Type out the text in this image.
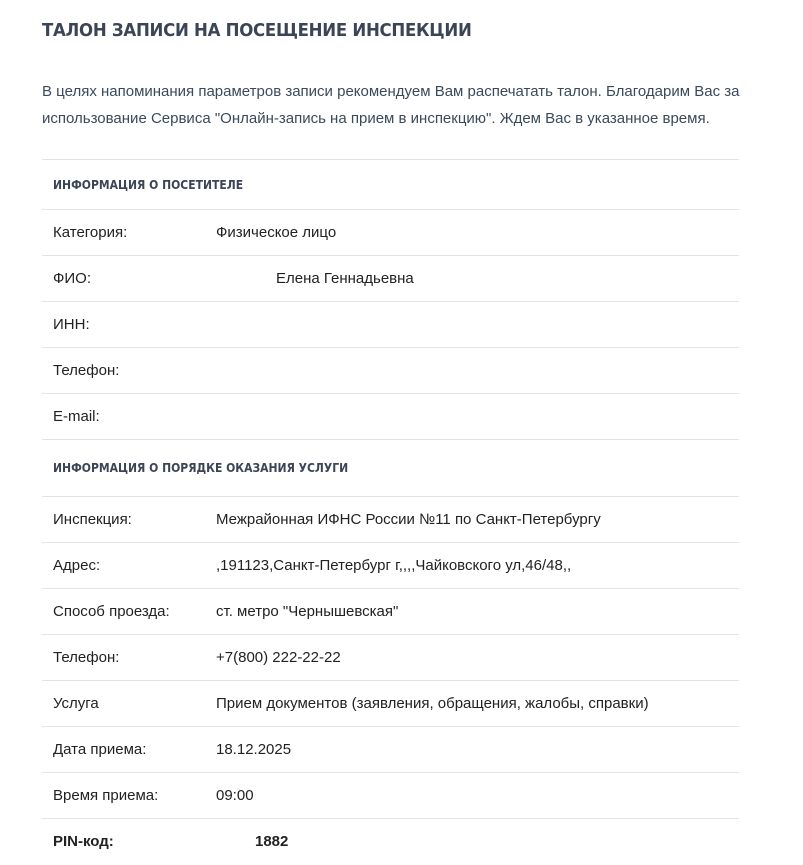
ТАЛОН ЗАПИСИ НА ПОСЕЩЕНИЕ ИНСПЕКЦИИ
В целях напоминания параметров записи рекомендуем Вам распечатать талон. Благодарим Вас за использование Сервиса "Онлайн-запись на прием в инспекцию". Ждем Вас в указанное время.
ИНФОРМАЦИЯ О ПОСЕТИТЕЛЕ
Категория:	Физическое лицо
ФИО:	Елена Геннадьевна
ИНН:
Телефон:
E-mail:
ИНФОРМАЦИЯ О ПОРЯДКЕ ОКАЗАНИЯ УСЛУГИ
Инспекция:	Межрайонная ИФНС России №11 по Санкт-Петербургу
Адрес:	,191123,Санкт-Петербург г,,,,Чайковского ул,46/48,,
Способ проезда:	ст. метро "Чернышевская"
Телефон:	+7(800) 222-22-22
Услуга	Прием документов (заявления, обращения, жалобы, справки)
Дата приема:	18.12.2025
Время приема:	09:00
PIN-код:	1882
